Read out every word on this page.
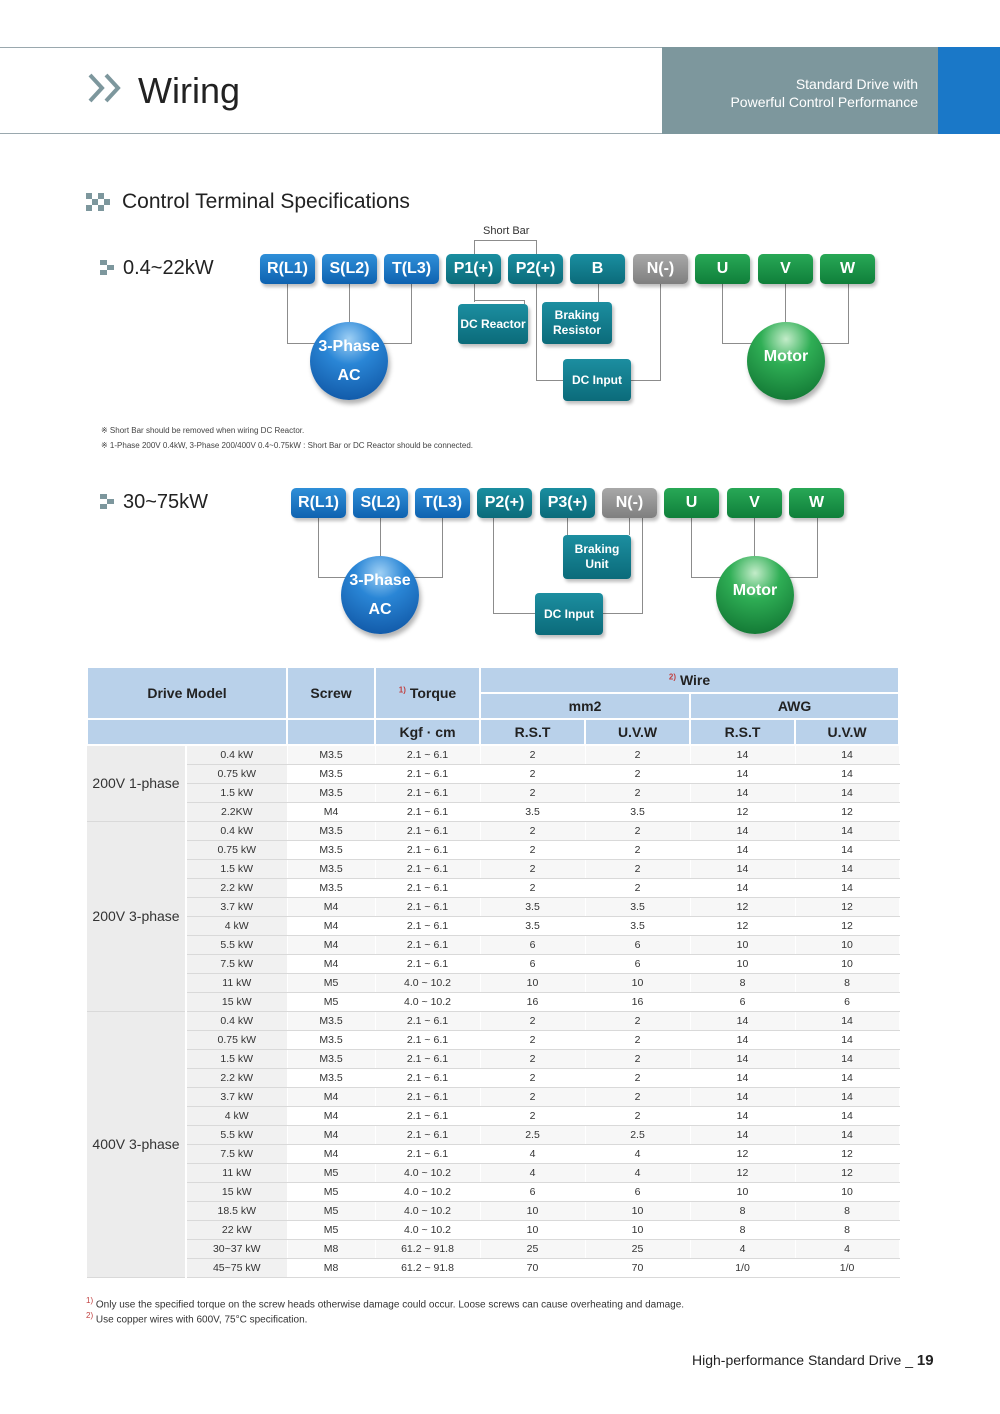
Wiring	Standard Drive with
Powerful Control Performance
Control Terminal Specifications
0.4~22kW
Short Bar
R(L1)	S(L2)	T(L3)	P1(+)	P2(+)	B	N(-)	U	V	W
DC Reactor
Braking
Resistor
DC Input
3-Phase
AC
Motor
※ Short Bar should be removed when wiring DC Reactor.
※ 1-Phase 200V 0.4kW, 3-Phase 200/400V 0.4~0.75kW : Short Bar or DC Reactor should be connected.
30~75kW	R(L1)	S(L2)	T(L3)	P2(+)	P3(+)	N(-)	U	V	W
Braking
Unit
DC Input
3-Phase
AC
Motor
Drive Model		Screw	$^{1)}$ Torque	$^{2)}$ Wire			
				mm2		AWG	
			Kgf · cm	R.S.T	U.V.W	R.S.T	U.V.W
200V 1-phase	0.4 kW	M3.5	2.1 ~ 6.1	2	2	14	14
	0.75 kW	M3.5	2.1 ~ 6.1	2	2	14	14
	1.5 kW	M3.5	2.1 ~ 6.1	2	2	14	14
	2.2KW	M4	2.1 ~ 6.1	3.5	3.5	12	12
200V 3-phase	0.4 kW	M3.5	2.1 ~ 6.1	2	2	14	14
	0.75 kW	M3.5	2.1 ~ 6.1	2	2	14	14
	1.5 kW	M3.5	2.1 ~ 6.1	2	2	14	14
	2.2 kW	M3.5	2.1 ~ 6.1	2	2	14	14
	3.7 kW	M4	2.1 ~ 6.1	3.5	3.5	12	12
	4 kW	M4	2.1 ~ 6.1	3.5	3.5	12	12
	5.5 kW	M4	2.1 ~ 6.1	6	6	10	10
	7.5 kW	M4	2.1 ~ 6.1	6	6	10	10
	11 kW	M5	4.0 ~ 10.2	10	10	8	8
	15 kW	M5	4.0 ~ 10.2	16	16	6	6
400V 3-phase	0.4 kW	M3.5	2.1 ~ 6.1	2	2	14	14
	0.75 kW	M3.5	2.1 ~ 6.1	2	2	14	14
	1.5 kW	M3.5	2.1 ~ 6.1	2	2	14	14
	2.2 kW	M3.5	2.1 ~ 6.1	2	2	14	14
	3.7 kW	M4	2.1 ~ 6.1	2	2	14	14
	4 kW	M4	2.1 ~ 6.1	2	2	14	14
	5.5 kW	M4	2.1 ~ 6.1	2.5	2.5	14	14
	7.5 kW	M4	2.1 ~ 6.1	4	4	12	12
	11 kW	M5	4.0 ~ 10.2	4	4	12	12
	15 kW	M5	4.0 ~ 10.2	6	6	10	10
	18.5 kW	M5	4.0 ~ 10.2	10	10	8	8
	22 kW	M5	4.0 ~ 10.2	10	10	8	8
	30~37 kW	M8	61.2 ~ 91.8	25	25	4	4
	45~75 kW	M8	61.2 ~ 91.8	70	70	1/0	1/0
$^{1)}$ Only use the specified torque on the screw heads otherwise damage could occur. Loose screws can cause overheating and damage.
$^{2)}$ Use copper wires with 600V, 75°C specification.
High-performance Standard Drive _ 19
